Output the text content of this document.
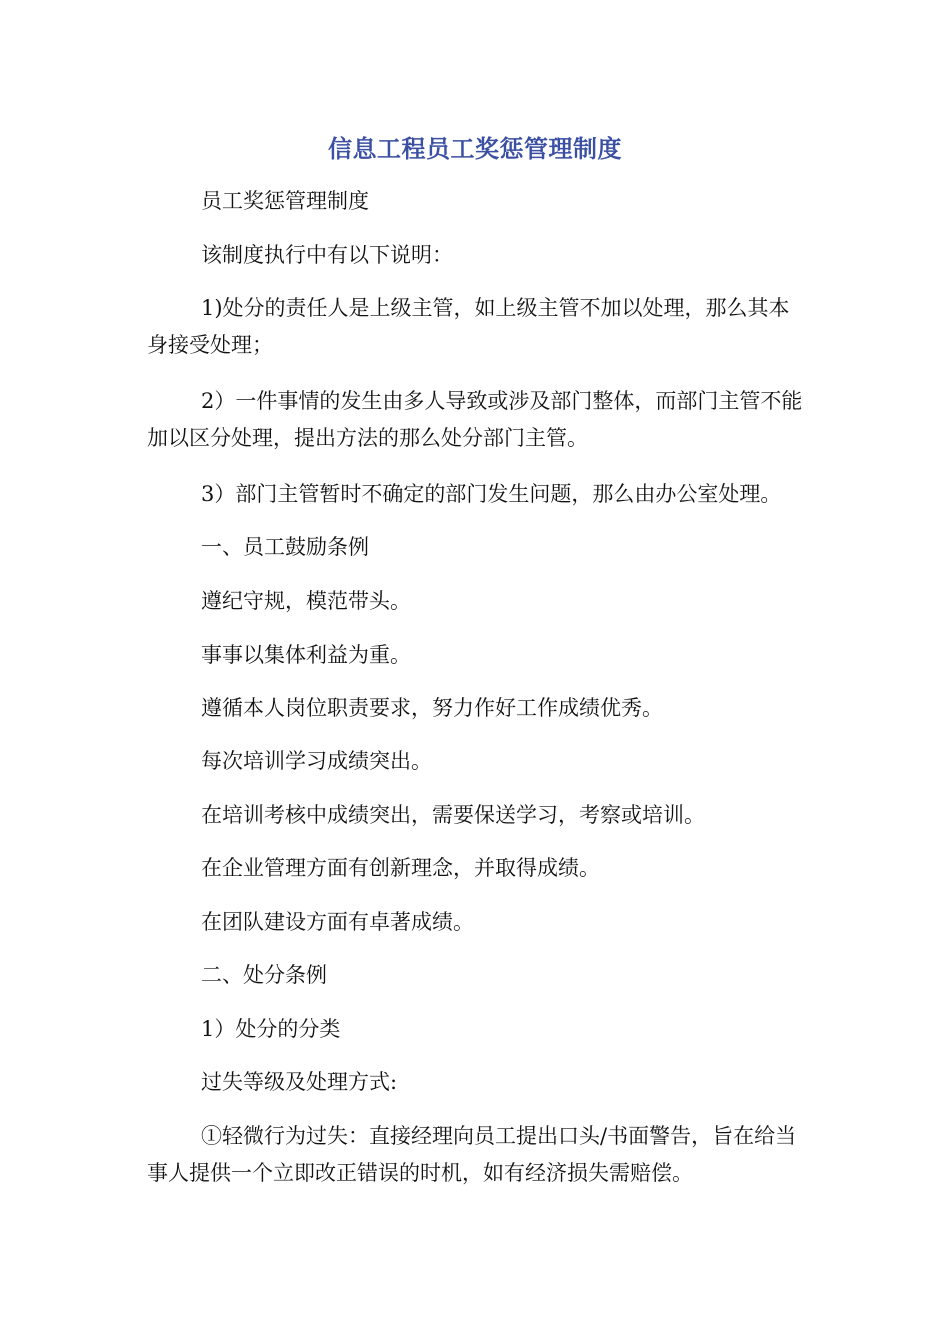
信息工程员工奖惩管理制度

员工奖惩管理制度

该制度执行中有以下说明：

1)处分的责任人是上级主管，如上级主管不加以处理，那么其本身接受处理；

2）一件事情的发生由多人导致或涉及部门整体，而部门主管不能加以区分处理，提出方法的那么处分部门主管。

3）部门主管暂时不确定的部门发生问题，那么由办公室处理。

一、员工鼓励条例

遵纪守规，模范带头。

事事以集体利益为重。

遵循本人岗位职责要求，努力作好工作成绩优秀。

每次培训学习成绩突出。

在培训考核中成绩突出，需要保送学习，考察或培训。

在企业管理方面有创新理念，并取得成绩。

在团队建设方面有卓著成绩。

二、处分条例

1）处分的分类

过失等级及处理方式:

①轻微行为过失：直接经理向员工提出口头/书面警告，旨在给当事人提供一个立即改正错误的时机，如有经济损失需赔偿。
